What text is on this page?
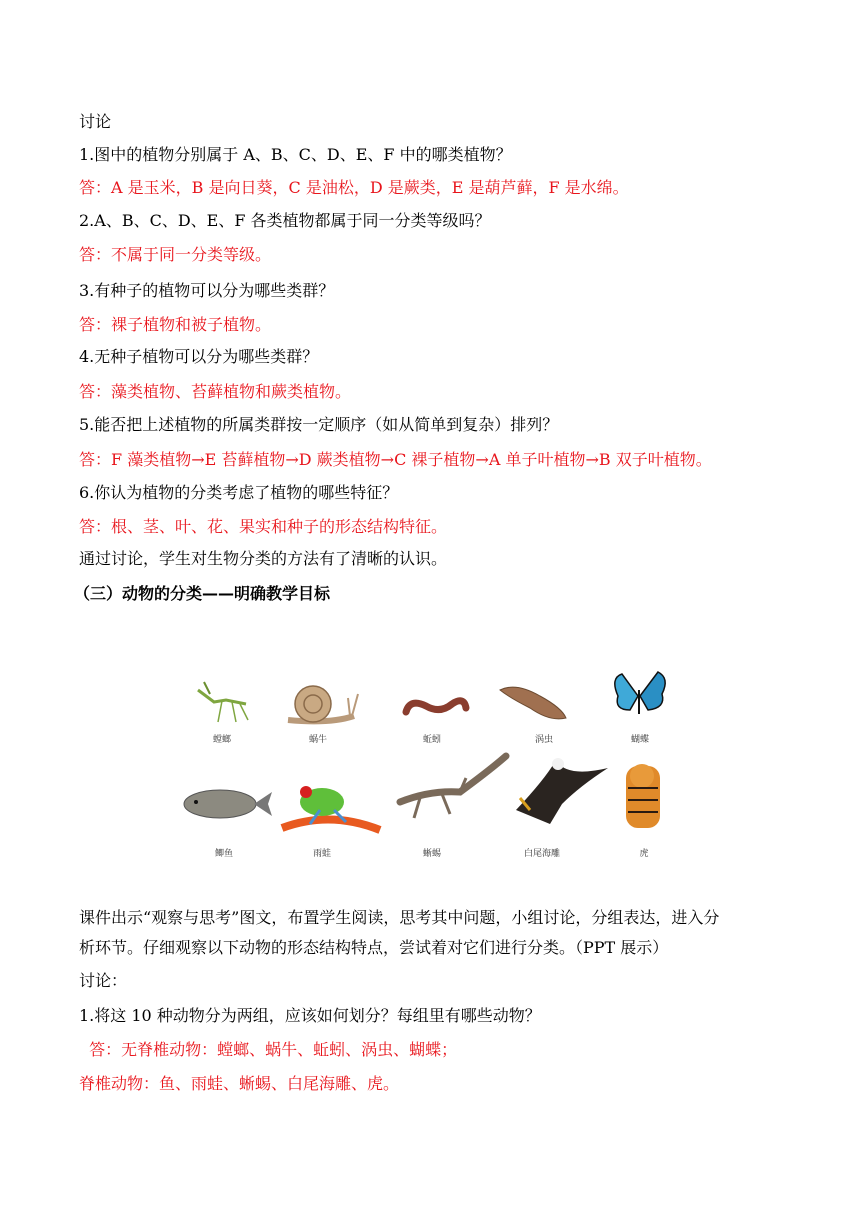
讨论
1.图中的植物分别属于 A、B、C、D、E、F 中的哪类植物？
答：A 是玉米，B 是向日葵，C 是油松，D 是蕨类，E 是葫芦藓，F 是水绵。
2.A、B、C、D、E、F 各类植物都属于同一分类等级吗？
答：不属于同一分类等级。
3.有种子的植物可以分为哪些类群？
答：裸子植物和被子植物。
4.无种子植物可以分为哪些类群？
答：藻类植物、苔藓植物和蕨类植物。
5.能否把上述植物的所属类群按一定顺序（如从简单到复杂）排列？
答：F 藻类植物→E 苔藓植物→D 蕨类植物→C 裸子植物→A 单子叶植物→B 双子叶植物。
6.你认为植物的分类考虑了植物的哪些特征？
答：根、茎、叶、花、果实和种子的形态结构特征。
通过讨论，学生对生物分类的方法有了清晰的认识。
（三）动物的分类——明确教学目标
螳螂	蜗牛	蚯蚓	涡虫	蝴蝶
鲫鱼	雨蛙	蜥蜴	白尾海雕	虎
课件出示“观察与思考”图文，布置学生阅读，思考其中问题，小组讨论，分组表达，进入分
析环节。仔细观察以下动物的形态结构特点，尝试着对它们进行分类。（PPT 展示）
讨论：
1.将这 10 种动物分为两组，应该如何划分？每组里有哪些动物？
答：无脊椎动物：螳螂、蜗牛、蚯蚓、涡虫、蝴蝶；
脊椎动物：鱼、雨蛙、蜥蜴、白尾海雕、虎。
